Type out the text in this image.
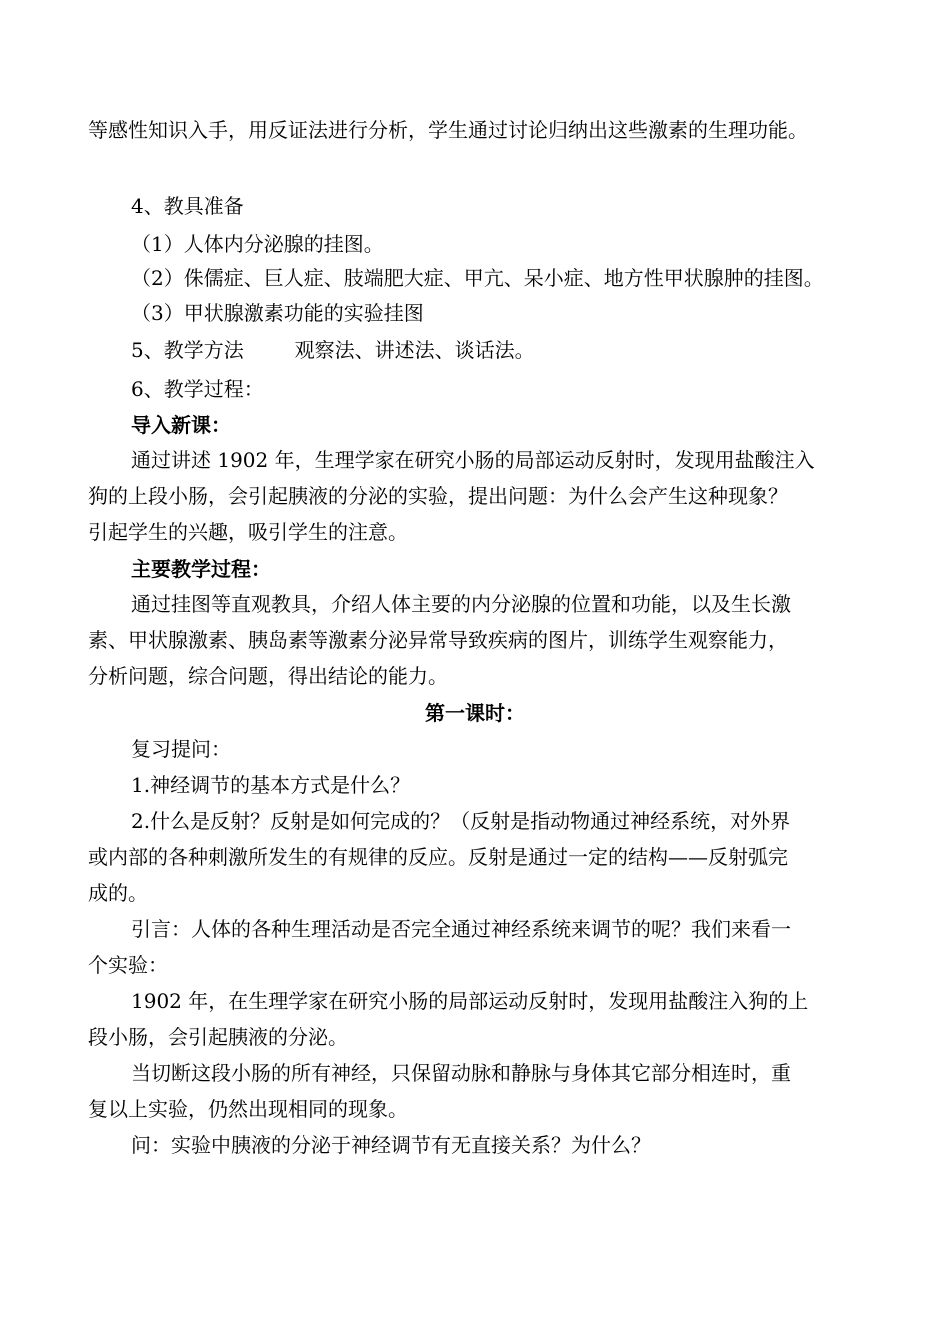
等感性知识入手，用反证法进行分析，学生通过讨论归纳出这些激素的生理功能。

4、教具准备

（1）人体内分泌腺的挂图。

（2）侏儒症、巨人症、肢端肥大症、甲亢、呆小症、地方性甲状腺肿的挂图。

（3）甲状腺激素功能的实验挂图

5、教学方法        观察法、讲述法、谈话法。

6、教学过程：

导入新课：

通过讲述 1902 年，生理学家在研究小肠的局部运动反射时，发现用盐酸注入

狗的上段小肠，会引起胰液的分泌的实验，提出问题：为什么会产生这种现象？

引起学生的兴趣，吸引学生的注意。

主要教学过程：

通过挂图等直观教具，介绍人体主要的内分泌腺的位置和功能，以及生长激

素、甲状腺激素、胰岛素等激素分泌异常导致疾病的图片，训练学生观察能力，

分析问题，综合问题，得出结论的能力。

第一课时：

复习提问：

1.神经调节的基本方式是什么？

2.什么是反射？反射是如何完成的？（反射是指动物通过神经系统，对外界

或内部的各种刺激所发生的有规律的反应。反射是通过一定的结构——反射弧完

成的。

引言：人体的各种生理活动是否完全通过神经系统来调节的呢？我们来看一

个实验：

1902 年，在生理学家在研究小肠的局部运动反射时，发现用盐酸注入狗的上

段小肠，会引起胰液的分泌。

当切断这段小肠的所有神经，只保留动脉和静脉与身体其它部分相连时，重

复以上实验，仍然出现相同的现象。

问：实验中胰液的分泌于神经调节有无直接关系？为什么？
